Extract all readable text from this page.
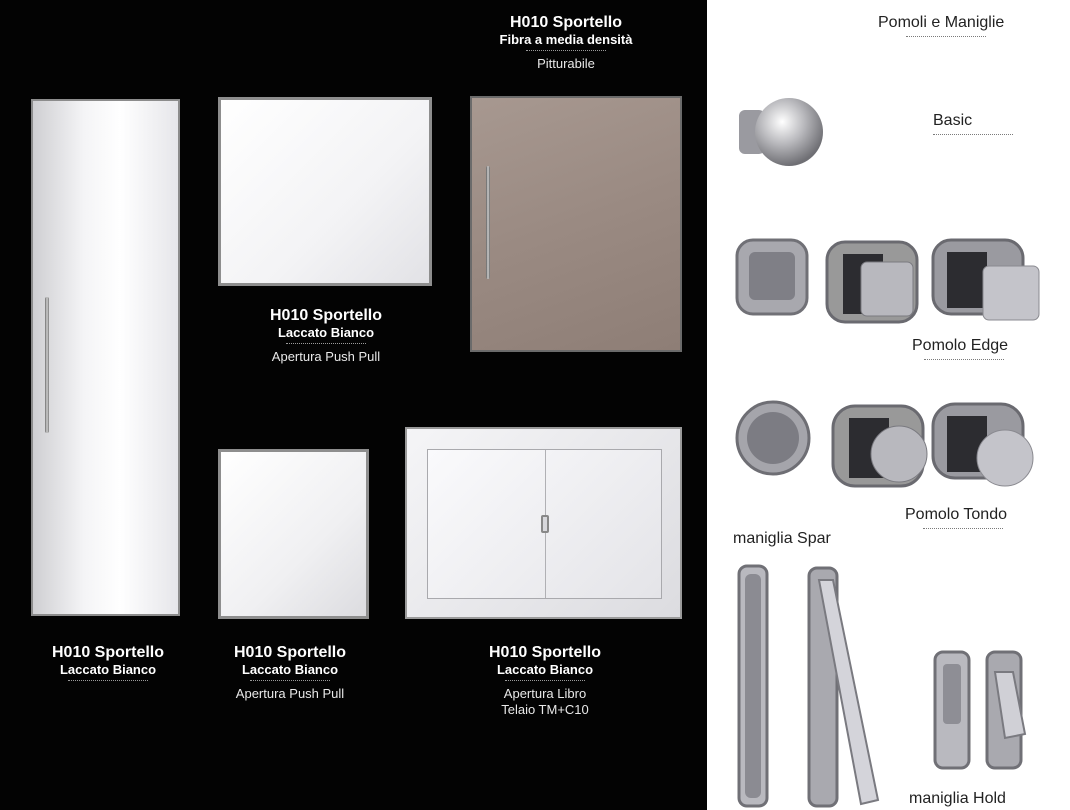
H010 Sportello
Fibra a media densità
Pitturabile
H010 Sportello
Laccato Bianco
Apertura Push Pull
H010 Sportello
Laccato Bianco
H010 Sportello
Laccato Bianco
Apertura Push Pull
H010 Sportello
Laccato Bianco
Apertura Libro
Telaio TM+C10
Pomoli e Maniglie
Basic
Pomolo Edge
Pomolo Tondo
maniglia Spar
maniglia Hold
